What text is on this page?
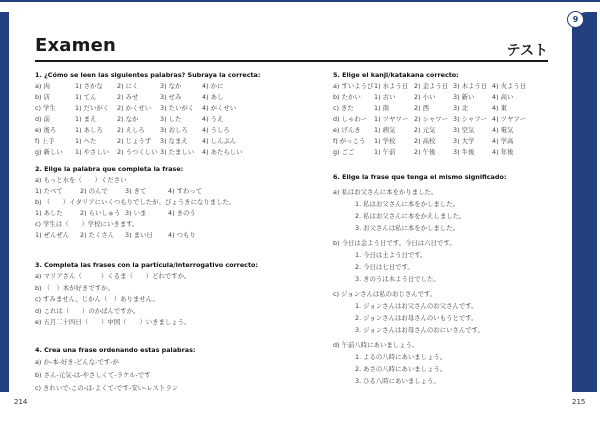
9
Examen	テスト

1. ¿Cómo se leen las siguientes palabras? Subraya la correcta:

a) 肉	1) さかな	2) にく	3) なか	4) かに
b) 店	1) てん	2) みせ	3) せみ	4) あし
c) 学生	1) だいがく	2) かくせい	3) たいがく	4) がくせい
d) 前	1) まえ	2) なか	3) した	4) うえ
e) 後ろ	1) あしろ	2) えしろ	3) おしろ	4) うしろ
f) 上手	1) へた	2) じょうず	3) なまえ	4) しんぶん
g) 新しい	1) やさしい	2) うつくしい 3) たましい	4) あたらしい

2. Elige la palabra que completa la frase:

a) もっと水を（　　）ください

1) たべて	2) のんで	3) きて	4) すわって

b) （　　）イタリアにいくつもりでしたが、びょうきになりました。

1) あした	2) らいしゅう 3) いま	4) きのう

c) 学生は（　　）学校にいきます。

1) ぜんぜん	2) たくさん	3) まい日	4) つもり

3. Completa las frases con la partícula/interrogativo correcto:

a) マリアさん（　　　）くるま（　　）どれですか。

b) （　）本が好きですか。

c) すみません、じかん（　）ありません。

d) これは（　　）のかばんですか。

e) 五月二十四日（　　）中国（　　）いきましょう。

4. Crea una frase ordenando estas palabras:

a) か-本-好き-どんな-です-が

b) さん-元気-は-やさしくて-ラケル-です

c) きれいで-この-は-よくて-です-安い-レストラン

5. Elige el kanji/katakana correcto:

a) すいようび 1) 水よう日 2) 金よう日 3) 木よう日 4) 火よう日
b) たかい	1) 古い	2) 小い	3) 新い	4) 高い
c) きた	1) 南	2) 西	3) 北	4) 東
d) しゃわー	1) ツヤワー 2) シャワー 3) シャフー 4) ツヤフー
e) げんき	1) 病気	2) 元気	3) 空気	4) 電気
f) がっこう	1) 学校	2) 高校	3) 大学	4) 学高
g) ごご	1) 午前	2) 午後	3) 牛後	4) 年後

6. Elige la frase que tenga el mismo significado:

a) 私はお父さんに本をかりました。

1. 私はお父さんに本をかしました。

2. 私はお父さんに本をかえしました。

3. お父さんは私に本をかしました。

b) 今日は金よう日です。今日は六日です。

1. 今日は土よう日です。

2. 今日は七日です。

3. きのうは木よう日でした。

c) ジョンさんは私のおじさんです。

1. ジョンさんはお父さんのお父さんです。

2. ジョンさんはお母さんのいもうとです。

3. ジョンさんはお母さんのおにいさんです。

d) 午前八時にあいましょう。

1. よるの八時にあいましょう。

2. あさの八時にあいましょう。

3. ひる八時にあいましょう。

214	215
